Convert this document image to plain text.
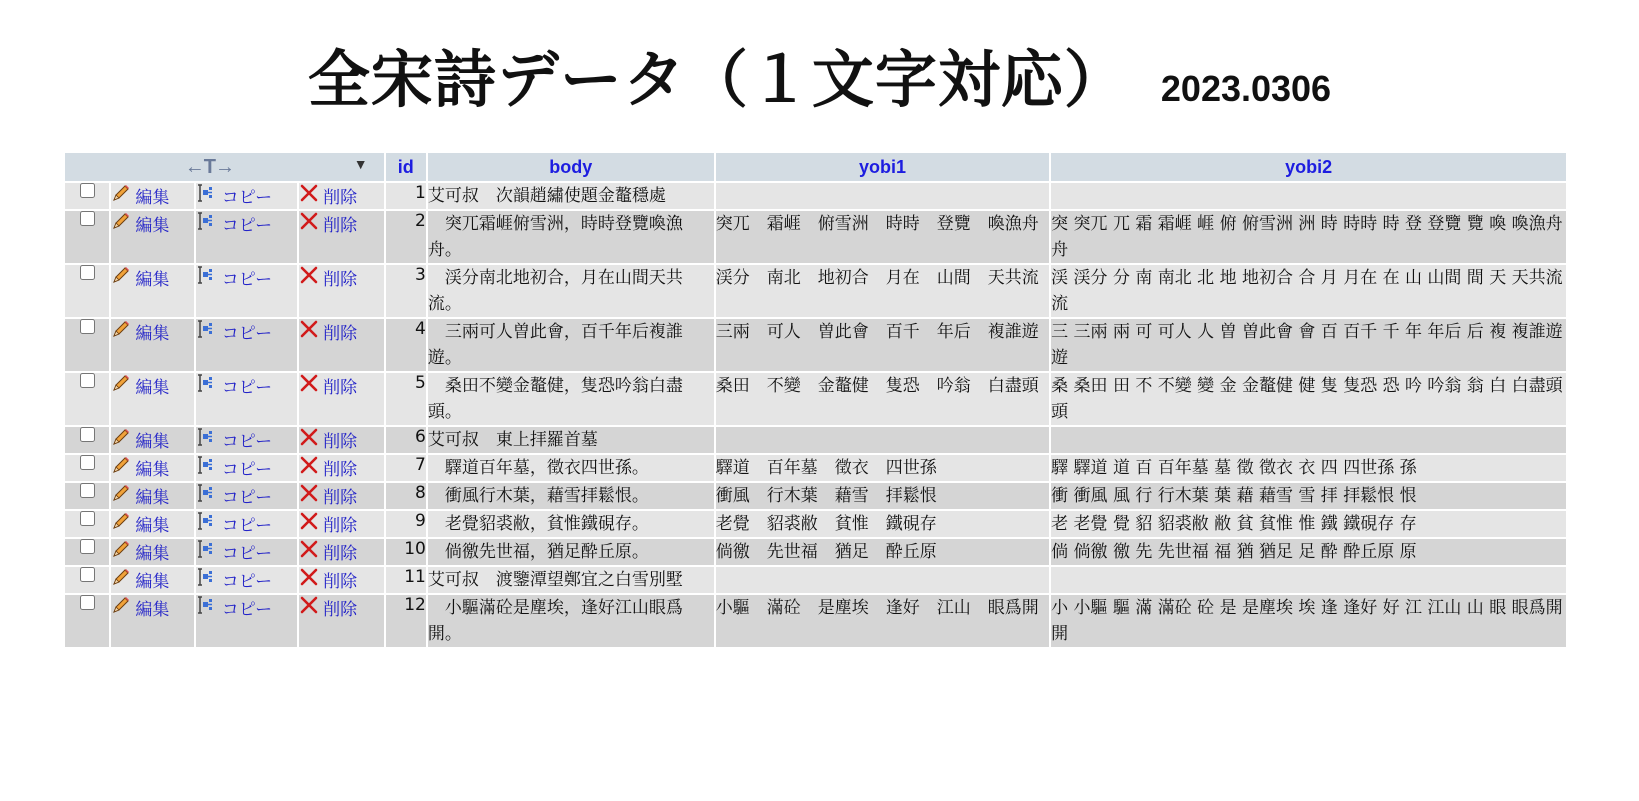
全宋詩データ（１文字対応） 2023.0306
←T→ ▼				id	body	yobi1	yobi2

編集	コピー	削除	1	艾可叔　次韻趙繡使題金鼇穩處		

編集	コピー	削除	2	　突兀霜崕俯雪洲，時時登覽喚漁舟。	突兀　霜崕　俯雪洲　時時　登覽　喚漁舟	突 突兀 兀 霜 霜崕 崕 俯 俯雪洲 洲 時 時時 時 登 登覽 覽 喚 喚漁舟 舟

編集	コピー	削除	3	　渓分南北地初合，月在山間天共流。	渓分　南北　地初合　月在　山間　天共流	渓 渓分 分 南 南北 北 地 地初合 合 月 月在 在 山 山間 間 天 天共流 流

編集	コピー	削除	4	　三兩可人曽此會，百千年后複誰遊。	三兩　可人　曽此會　百千　年后　複誰遊	三 三兩 兩 可 可人 人 曽 曽此會 會 百 百千 千 年 年后 后 複 複誰遊 遊

編集	コピー	削除	5	　桑田不變金鼇健，隻恐吟翁白盡頭。	桑田　不變　金鼇健　隻恐　吟翁　白盡頭	桑 桑田 田 不 不變 變 金 金鼇健 健 隻 隻恐 恐 吟 吟翁 翁 白 白盡頭 頭

編集	コピー	削除	6	艾可叔　東上拝羅首墓		

編集	コピー	削除	7	　驛道百年墓，徵衣四世孫。	驛道　百年墓　徵衣　四世孫	驛 驛道 道 百 百年墓 墓 徵 徵衣 衣 四 四世孫 孫

編集	コピー	削除	8	　衝風行木葉，藉雪拝鬆恨。	衝風　行木葉　藉雪　拝鬆恨	衝 衝風 風 行 行木葉 葉 藉 藉雪 雪 拝 拝鬆恨 恨

編集	コピー	削除	9	　老覺貂裘敝，貧惟鐵硯存。	老覺　貂裘敝　貧惟　鐵硯存	老 老覺 覺 貂 貂裘敝 敝 貧 貧惟 惟 鐵 鐵硯存 存

編集	コピー	削除	10	　倘徼先世福，猶足酔丘原。	倘徼　先世福　猶足　酔丘原	倘 倘徼 徼 先 先世福 福 猶 猶足 足 酔 酔丘原 原

編集	コピー	削除	11	艾可叔　渡鑒潭望鄭宜之白雪別墅		

編集	コピー	削除	12	　小驅滿砼是塵埃，逢好江山眼爲開。	小驅　滿砼　是塵埃　逢好　江山　眼爲開	小 小驅 驅 滿 滿砼 砼 是 是塵埃 埃 逢 逢好 好 江 江山 山 眼 眼爲開 開
